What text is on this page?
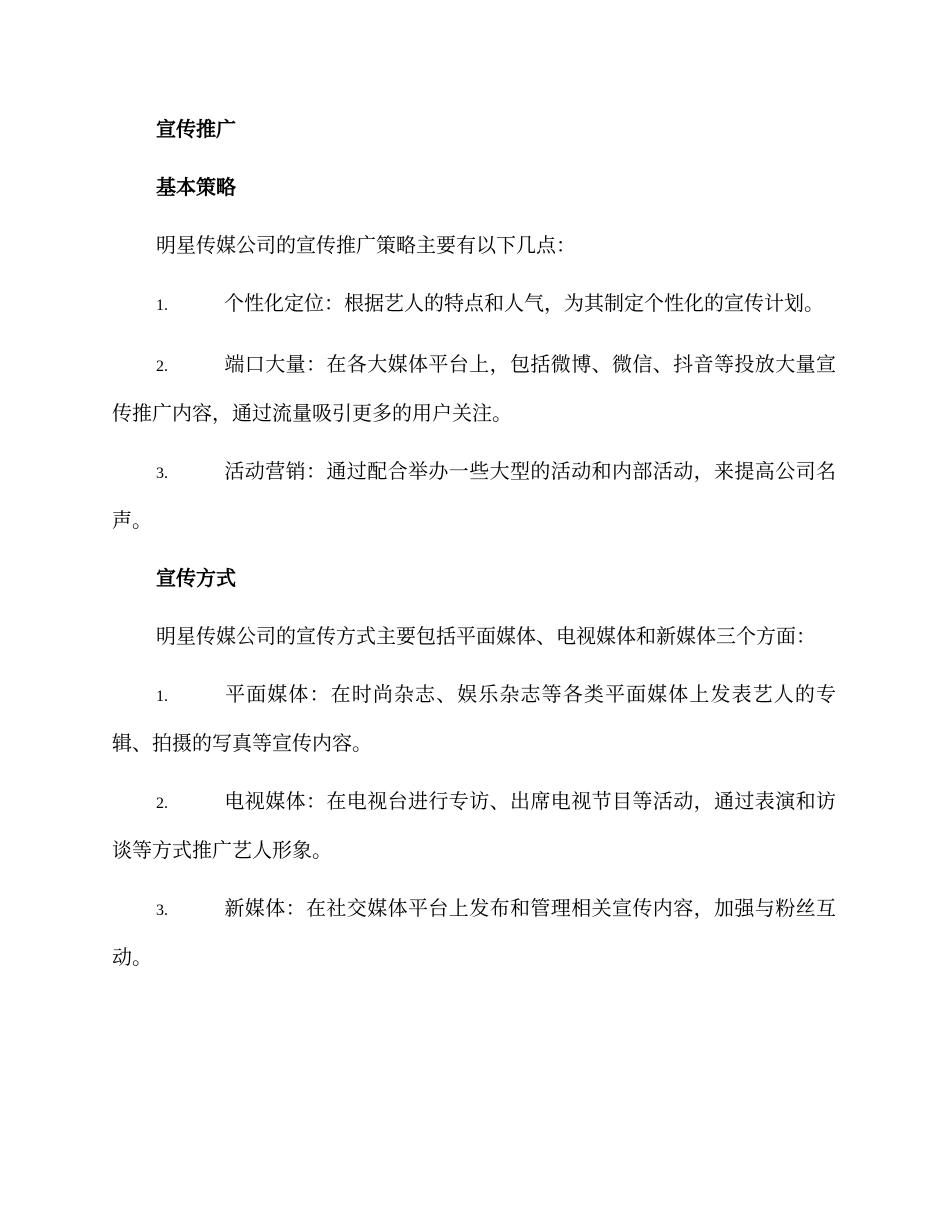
宣传推广
基本策略

明星传媒公司的宣传推广策略主要有以下几点：

1.	个性化定位：根据艺人的特点和人气，为其制定个性化的宣传计划。

2.	端口大量：在各大媒体平台上，包括微博、微信、抖音等投放大量宣传推广内容，通过流量吸引更多的用户关注。

3.	活动营销：通过配合举办一些大型的活动和内部活动，来提高公司名声。

宣传方式

明星传媒公司的宣传方式主要包括平面媒体、电视媒体和新媒体三个方面：

1.	平面媒体：在时尚杂志、娱乐杂志等各类平面媒体上发表艺人的专辑、拍摄的写真等宣传内容。

2.	电视媒体：在电视台进行专访、出席电视节目等活动，通过表演和访谈等方式推广艺人形象。

3.	新媒体：在社交媒体平台上发布和管理相关宣传内容，加强与粉丝互动。
